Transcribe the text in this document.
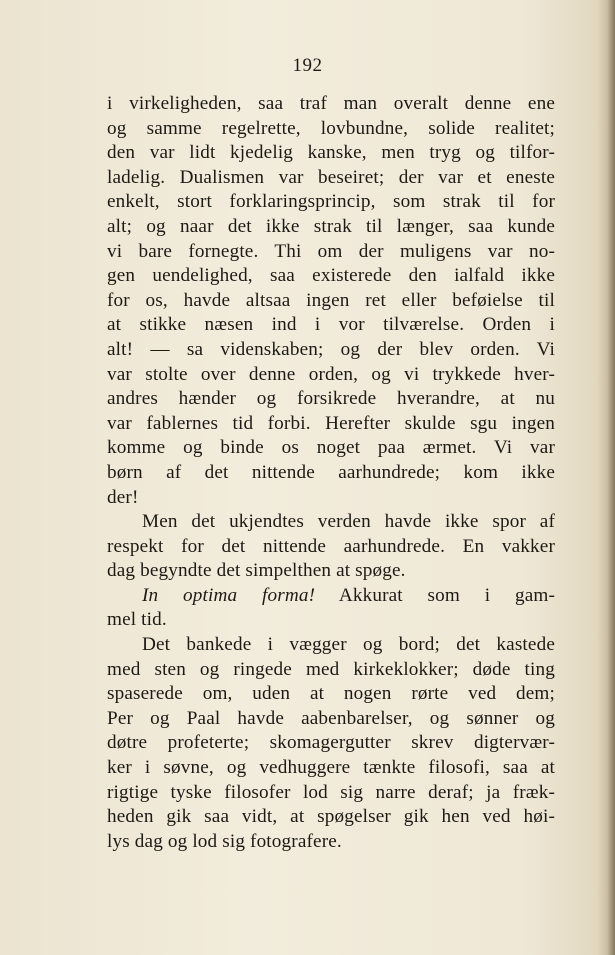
192
i virkeligheden, saa traf man overalt denne ene
og samme regelrette, lovbundne, solide realitet;
den var lidt kjedelig kanske, men tryg og tilfor-
ladelig. Dualismen var beseiret; der var et eneste
enkelt, stort forklaringsprincip, som strak til for
alt; og naar det ikke strak til længer, saa kunde
vi bare fornegte. Thi om der muligens var no-
gen uendelighed, saa existerede den ialfald ikke
for os, havde altsaa ingen ret eller beføielse til
at stikke næsen ind i vor tilværelse. Orden i
alt! — sa videnskaben; og der blev orden. Vi
var stolte over denne orden, og vi trykkede hver-
andres hænder og forsikrede hverandre, at nu
var fablernes tid forbi. Herefter skulde sgu ingen
komme og binde os noget paa ærmet. Vi var
børn af det nittende aarhundrede; kom ikke
der!
Men det ukjendtes verden havde ikke spor af
respekt for det nittende aarhundrede. En vakker
dag begyndte det simpelthen at spøge.
In optima forma! Akkurat som i gam-
mel tid.
Det bankede i vægger og bord; det kastede
med sten og ringede med kirkeklokker; døde ting
spaserede om, uden at nogen rørte ved dem;
Per og Paal havde aabenbarelser, og sønner og
døtre profeterte; skomagergutter skrev digtervær-
ker i søvne, og vedhuggere tænkte filosofi, saa at
rigtige tyske filosofer lod sig narre deraf; ja fræk-
heden gik saa vidt, at spøgelser gik hen ved høi-
lys dag og lod sig fotografere.
